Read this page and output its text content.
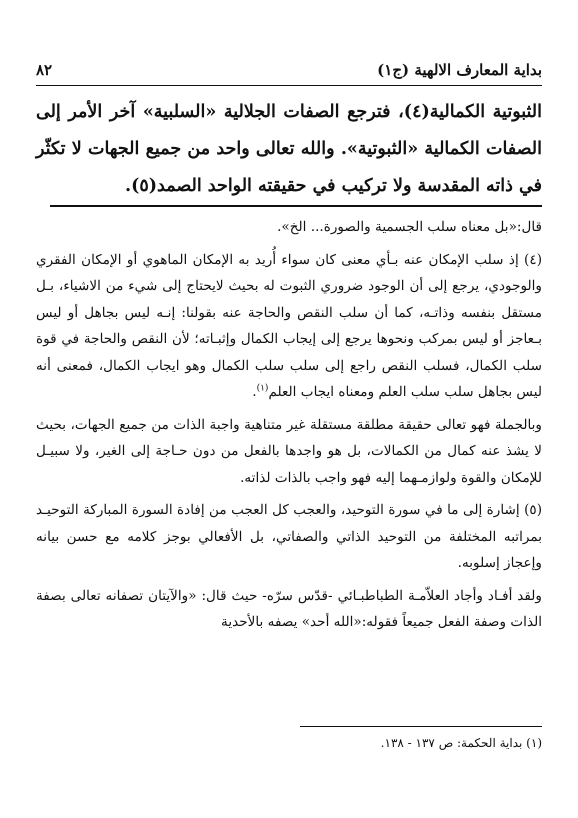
بداية المعارف الالهية (ج١)
٨٢

الثبوتية الكمالية(٤)، فترجع الصفات الجلالية «السلبية» آخر الأمر إلى الصفات الكمالية «الثبوتية». والله تعالى واحد من جميع الجهات لا تكثّر في ذاته المقدسة ولا تركيب في حقيقته الواحد الصمد(٥).

قال:«بل معناه سلب الجسمية والصورة... الخ».

(٤) إذ سلب الإمكان عنه بـأي معنى كان سواء أُريد به الإمكان الماهوي أو الإمكان الفقري والوجودي، يرجع إلى أن الوجود ضروري الثبوت له بحيث لايحتاج إلى شيء من الاشياء، بـل مستقل بنفسه وذاتـه، كما أن سلب النقص والحاجة عنه بقولنا: إنـه ليس بجاهل أو ليس بـعاجز أو ليس بمركب ونحوها يرجع إلى إيجاب الكمال وإثبـاته؛ لأن النقص والحاجة في قوة سلب الكمال، فسلب النقص راجع إلى سلب سلب الكمال وهو ايجاب الكمال، فمعنى أنه ليس بجاهل سلب سلب العلم ومعناه ايجاب العلم$^{(١)}$.

وبالجملة فهو تعالى حقيقة مطلقة مستقلة غير متناهية واجبة الذات من جميع الجهات، بحيث لا يشذ عنه كمال من الكمالات، بل هو واجدها بالفعل من دون حـاجة إلى الغير، ولا سبيـل للإمكان والقوة ولوازمـهما إليه فهو واجب بالذات لذاته.

(٥) إشارة إلى ما في سورة التوحيد، والعجب كل العجب من إفادة السورة المباركة التوحيـد بمراتبه المختلفة من التوحيد الذاتي والصفاتي، بل الأفعالي بوجز كلامه مع حسن بيانه وإعجاز إسلوبه.

ولقد أفـاد وأجاد العلاّمـة الطباطبـائي -قدّس سرّه- حيث قال: «والآيتان تصفانه تعالى بصفة الذات وصفة الفعل جميعاً فقوله:«الله أحد» يصفه بالأحدية

(١) بداية الحكمة: ص ١٣٧ - ١٣٨.
